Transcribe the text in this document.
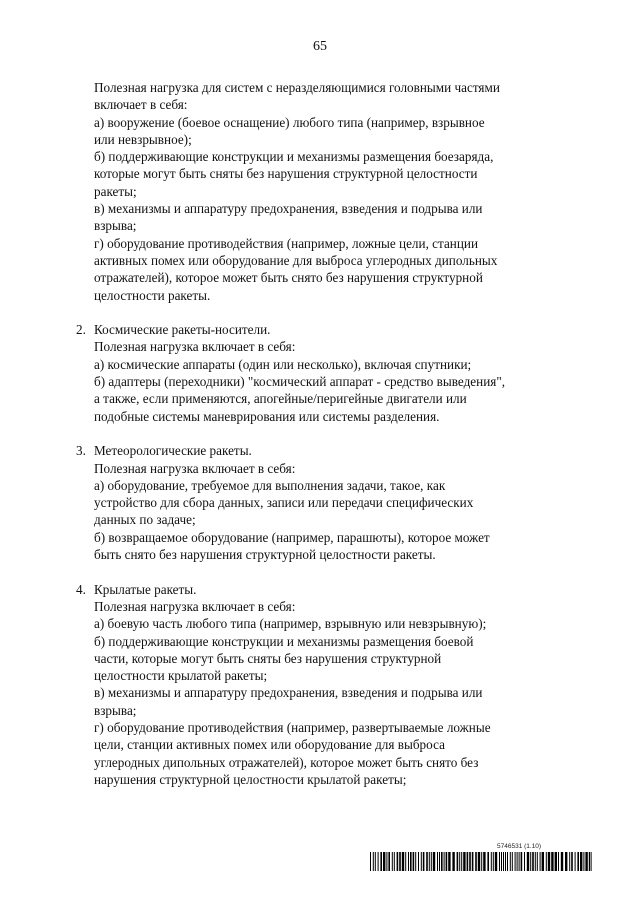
65
Полезная нагрузка для систем с неразделяющимися головными частями
включает в себя:
а) вооружение (боевое оснащение) любого типа (например, взрывное
или невзрывное);
б) поддерживающие конструкции и механизмы размещения боезаряда,
которые могут быть сняты без нарушения структурной целостности
ракеты;
в) механизмы и аппаратуру предохранения, взведения и подрыва или
взрыва;
г) оборудование противодействия (например, ложные цели, станции
активных помех или оборудование для выброса углеродных дипольных
отражателей), которое может быть снято без нарушения структурной
целостности ракеты.
2. Космические ракеты-носители.
Полезная нагрузка включает в себя:
а) космические аппараты (один или несколько), включая спутники;
б) адаптеры (переходники) "космический аппарат - средство выведения",
а также, если применяются, апогейные/перигейные двигатели или
подобные системы маневрирования или системы разделения.
3. Метеорологические ракеты.
Полезная нагрузка включает в себя:
а) оборудование, требуемое для выполнения задачи, такое, как
устройство для сбора данных, записи или передачи специфических
данных по задаче;
б) возвращаемое оборудование (например, парашюты), которое может
быть снято без нарушения структурной целостности ракеты.
4. Крылатые ракеты.
Полезная нагрузка включает в себя:
а) боевую часть любого типа (например, взрывную или невзрывную);
б) поддерживающие конструкции и механизмы размещения боевой
части, которые могут быть сняты без нарушения структурной
целостности крылатой ракеты;
в) механизмы и аппаратуру предохранения, взведения и подрыва или
взрыва;
г) оборудование противодействия (например, развертываемые ложные
цели, станции активных помех или оборудование для выброса
углеродных дипольных отражателей), которое может быть снято без
нарушения структурной целостности крылатой ракеты;
5746531 (1.10)
